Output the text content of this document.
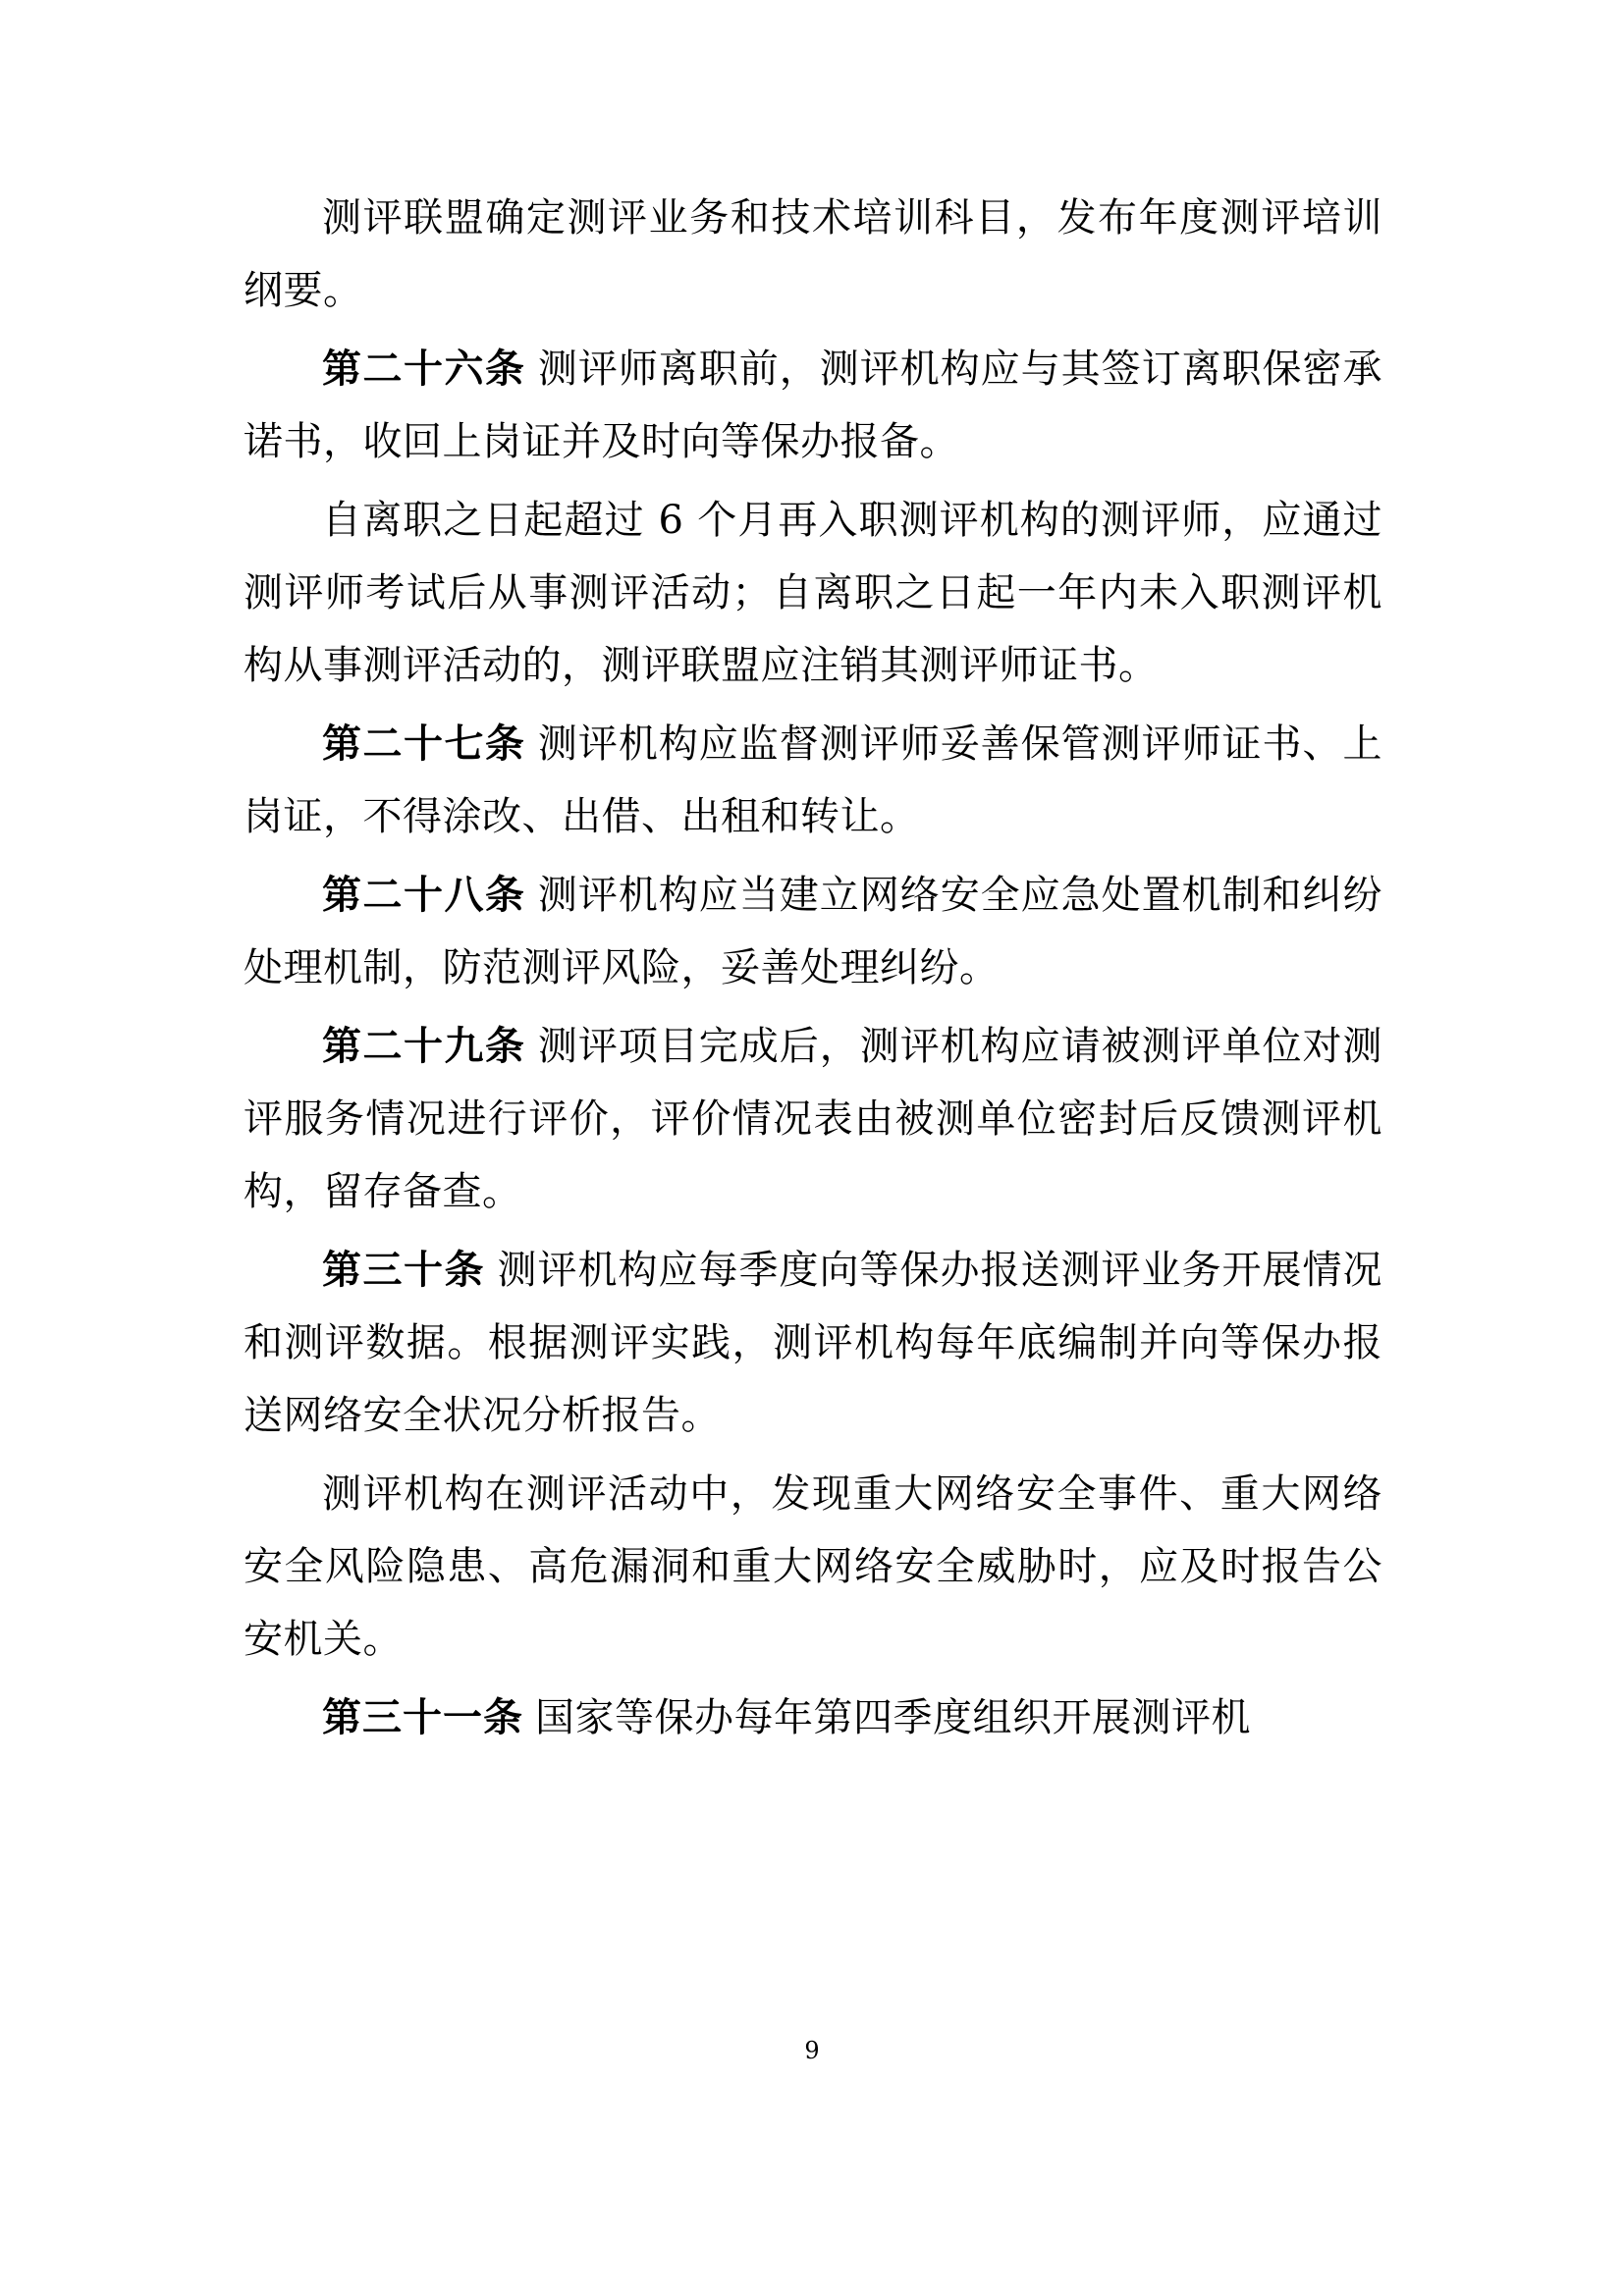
测评联盟确定测评业务和技术培训科目，发布年度测评培训纲要。

第二十六条 测评师离职前，测评机构应与其签订离职保密承诺书，收回上岗证并及时向等保办报备。

自离职之日起超过 6 个月再入职测评机构的测评师，应通过测评师考试后从事测评活动；自离职之日起一年内未入职测评机构从事测评活动的，测评联盟应注销其测评师证书。

第二十七条 测评机构应监督测评师妥善保管测评师证书、上岗证，不得涂改、出借、出租和转让。

第二十八条 测评机构应当建立网络安全应急处置机制和纠纷处理机制，防范测评风险，妥善处理纠纷。

第二十九条 测评项目完成后，测评机构应请被测评单位对测评服务情况进行评价，评价情况表由被测单位密封后反馈测评机构，留存备查。

第三十条 测评机构应每季度向等保办报送测评业务开展情况和测评数据。根据测评实践，测评机构每年底编制并向等保办报送网络安全状况分析报告。

测评机构在测评活动中，发现重大网络安全事件、重大网络安全风险隐患、高危漏洞和重大网络安全威胁时，应及时报告公安机关。

第三十一条 国家等保办每年第四季度组织开展测评机

9
